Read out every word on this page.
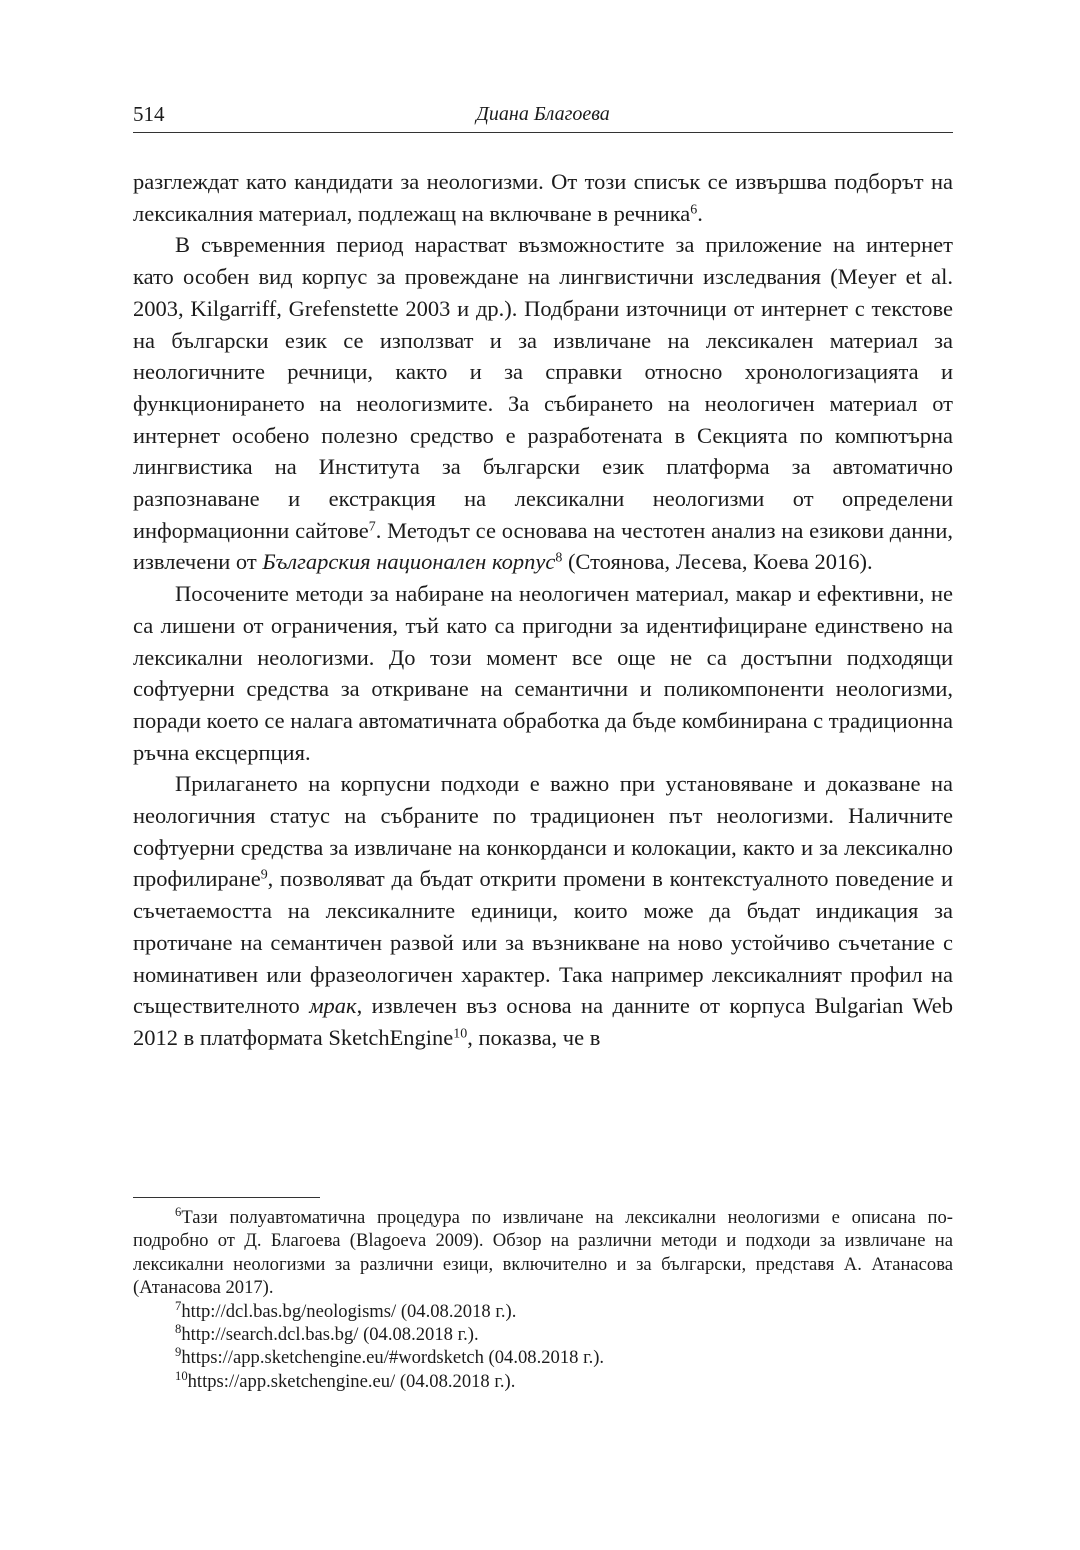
514	Диана Благоева

разглеждат като кандидати за неологизми. От този списък се извършва подборът на лексикалния материал, подлежащ на включване в речника$^6$.

В съвременния период нарастват възможностите за приложение на интернет като особен вид корпус за провеждане на лингвистични изследвания (Meyer et al. 2003, Kilgarriff, Grefenstette 2003 и др.). Подбрани източници от интернет с текстове на български език се използват и за извличане на лексикален материал за неологичните речници, както и за справки относно хронологизацията и функционирането на неологизмите. За събирането на неологичен материал от интернет особено полезно средство е разработената в Секцията по компютърна лингвистика на Института за български език платформа за автоматично разпознаване и екстракция на лексикални неологизми от определени информационни сайтове$^7$. Методът се основава на честотен анализ на езикови данни, извлечени от Българския национален корпус$^8$ (Стоянова, Лесева, Коева 2016).

Посочените методи за набиране на неологичен материал, макар и ефективни, не са лишени от ограничения, тъй като са пригодни за идентифициране единствено на лексикални неологизми. До този момент все още не са достъпни подходящи софтуерни средства за откриване на семантични и поликомпоненти неологизми, поради което се налага автоматичната обработка да бъде комбинирана с традиционна ръчна ексцерпция.

Прилагането на корпусни подходи е важно при установяване и доказване на неологичния статус на събраните по традиционен път неологизми. Наличните софтуерни средства за извличане на конкорданси и колокации, както и за лексикално профилиране$^9$, позволяват да бъдат открити промени в контекстуалното поведение и съчетаемостта на лексикалните единици, които може да бъдат индикация за протичане на семантичен развой или за възникване на ново устойчиво съчетание с номинативен или фразеологичен характер. Така например лексикалният профил на съществителното мрак, извлечен въз основа на данните от корпуса Bulgarian Web 2012 в платформата SketchEngine$^{10}$, показва, че в

$^6$Тази полуавтоматична процедура по извличане на лексикални неологизми е описана по-подробно от Д. Благоева (Blagoeva 2009). Обзор на различни методи и подходи за извличане на лексикални неологизми за различни езици, включително и за български, представя А. Атанасова (Атанасова 2017).

$^7$http://dcl.bas.bg/neologisms/ (04.08.2018 г.).

$^8$http://search.dcl.bas.bg/ (04.08.2018 г.).

$^9$https://app.sketchengine.eu/#wordsketch (04.08.2018 г.).

$^{10}$https://app.sketchengine.eu/ (04.08.2018 г.).
